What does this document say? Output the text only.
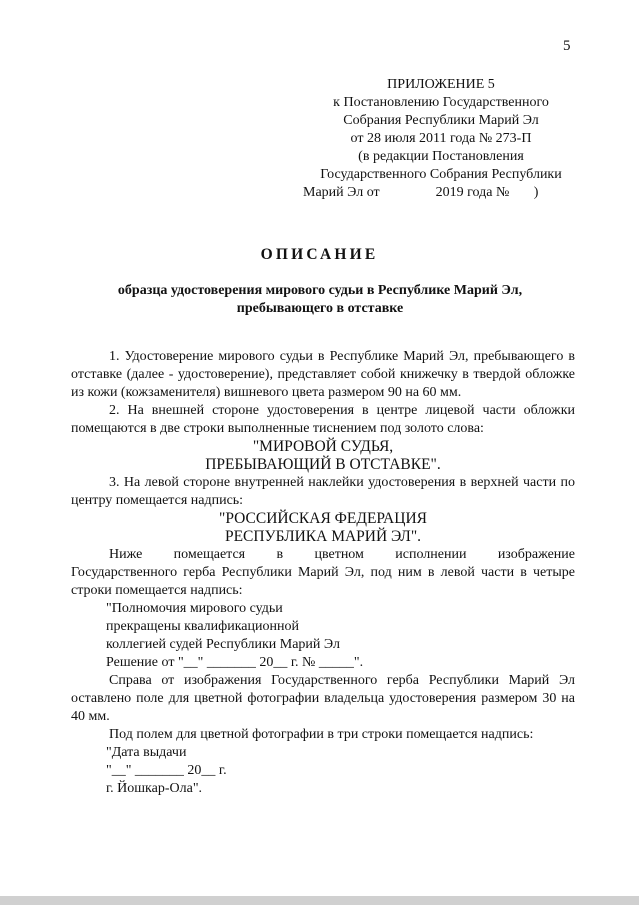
5
ПРИЛОЖЕНИЕ 5
к Постановлению Государственного
Собрания Республики Марий Эл
от 28 июля 2011 года № 273-П
(в редакции Постановления
Государственного Собрания Республики
Марий Эл от                2019 года №       )
ОПИСАНИЕ
образца удостоверения мирового судьи в Республике Марий Эл,
пребывающего в отставке

1. Удостоверение мирового судьи в Республике Марий Эл, пребывающего в отставке (далее - удостоверение), представляет собой книжечку в твердой обложке из кожи (кожзаменителя) вишневого цвета размером 90 на 60 мм.

2. На внешней стороне удостоверения в центре лицевой части обложки помещаются в две строки выполненные тиснением под золото слова:

"МИРОВОЙ СУДЬЯ,
ПРЕБЫВАЮЩИЙ В ОТСТАВКЕ".

3. На левой стороне внутренней наклейки удостоверения в верхней части по центру помещается надпись:

"РОССИЙСКАЯ ФЕДЕРАЦИЯ
РЕСПУБЛИКА МАРИЙ ЭЛ".

Ниже помещается в цветном исполнении изображение

Государственного герба Республики Марий Эл, под ним в левой части в четыре строки помещается надпись:

"Полномочия мирового судьи
прекращены квалификационной
коллегией судей Республики Марий Эл
Решение от "__" _______ 20__ г. № _____".

Справа от изображения Государственного герба Республики Марий Эл оставлено поле для цветной фотографии владельца удостоверения размером 30 на 40 мм.

Под полем для цветной фотографии в три строки помещается надпись:

"Дата выдачи
"__" _______ 20__ г.
г. Йошкар-Ола".
